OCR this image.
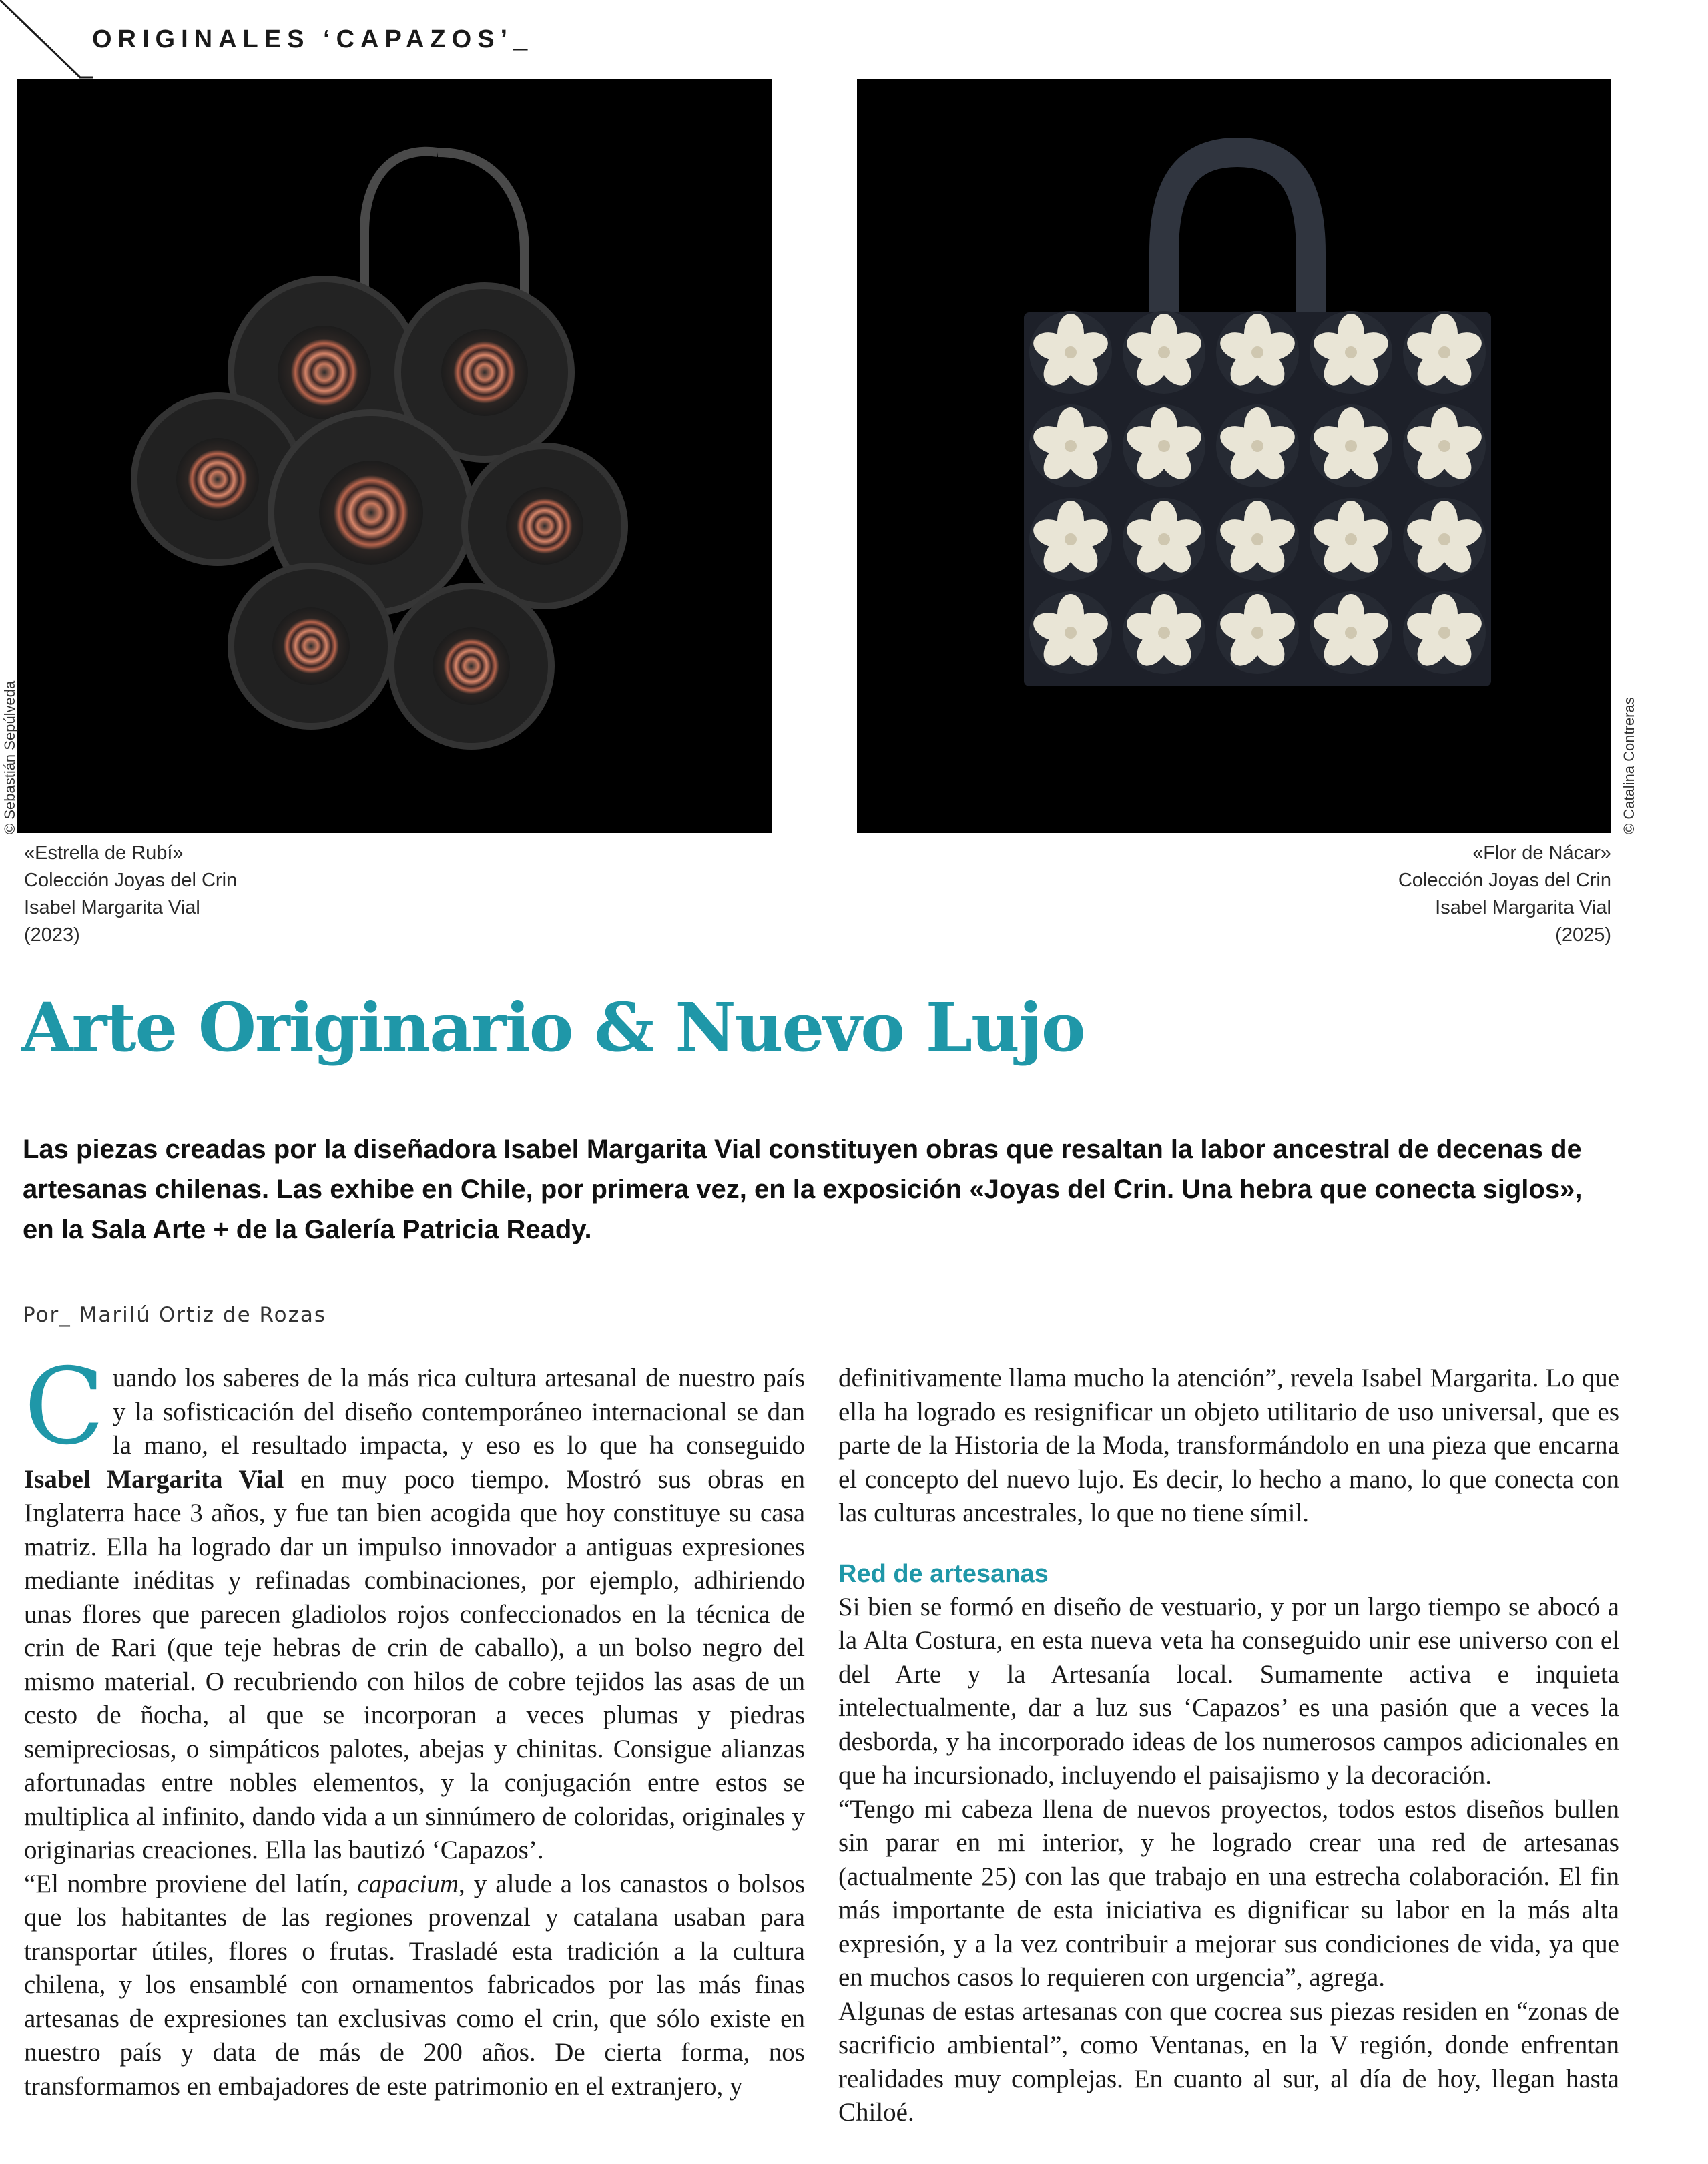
ORIGINALES ‘CAPAZOS’_
© Sebastián Sepúlveda	© Catalina Contreras
«Estrella de Rubí»
Colección Joyas del Crin
Isabel Margarita Vial
(2023)
«Flor de Nácar»
Colección Joyas del Crin
Isabel Margarita Vial
(2025)
Arte Originario & Nuevo Lujo
Las piezas creadas por la diseñadora Isabel Margarita Vial constituyen obras que resaltan la labor ancestral de decenas de artesanas chilenas. Las exhibe en Chile, por primera vez, en la exposición «Joyas del Crin. Una hebra que conecta siglos», en la Sala Arte + de la Galería Patricia Ready.
Por_ Marilú Ortiz de Rozas

Cuando los saberes de la más rica cultura artesanal de nuestro país y la sofisticación del diseño contemporáneo internacional se dan la mano, el resultado impacta, y eso es lo que ha conseguido Isabel Margarita Vial en muy poco tiempo. Mostró sus obras en Inglaterra hace 3 años, y fue tan bien acogida que hoy constituye su casa matriz. Ella ha logrado dar un impulso innovador a antiguas expresiones mediante inéditas y refinadas combinaciones, por ejemplo, adhiriendo unas flores que parecen gladiolos rojos confeccionados en la técnica de crin de Rari (que teje hebras de crin de caballo), a un bolso negro del mismo material. O recubriendo con hilos de cobre tejidos las asas de un cesto de ñocha, al que se incorporan a veces plumas y piedras semipreciosas, o simpáticos palotes, abejas y chinitas. Consigue alianzas afortunadas entre nobles elementos, y la conjugación entre estos se multiplica al infinito, dando vida a un sinnúmero de coloridas, originales y originarias creaciones. Ella las bautizó ‘Capazos’.

“El nombre proviene del latín, capacium, y alude a los canastos o bolsos que los habitantes de las regiones provenzal y catalana usaban para transportar útiles, flores o frutas. Trasladé esta tradición a la cultura chilena, y los ensamblé con ornamentos fabricados por las más finas artesanas de expresiones tan exclusivas como el crin, que sólo existe en nuestro país y data de más de 200 años. De cierta forma, nos transformamos en embajadores de este patrimonio en el extranjero, y

definitivamente llama mucho la atención”, revela Isabel Margarita. Lo que ella ha logrado es resignificar un objeto utilitario de uso universal, que es parte de la Historia de la Moda, transformándolo en una pieza que encarna el concepto del nuevo lujo. Es decir, lo hecho a mano, lo que conecta con las culturas ancestrales, lo que no tiene símil.

Red de artesanas

Si bien se formó en diseño de vestuario, y por un largo tiempo se abocó a la Alta Costura, en esta nueva veta ha conseguido unir ese universo con el del Arte y la Artesanía local. Sumamente activa e inquieta intelectualmente, dar a luz sus ‘Capazos’ es una pasión que a veces la desborda, y ha incorporado ideas de los numerosos campos adicionales en que ha incursionado, incluyendo el paisajismo y la decoración.

“Tengo mi cabeza llena de nuevos proyectos, todos estos diseños bullen sin parar en mi interior, y he logrado crear una red de artesanas (actualmente 25) con las que trabajo en una estrecha colaboración. El fin más importante de esta iniciativa es dignificar su labor en la más alta expresión, y a la vez contribuir a mejorar sus condiciones de vida, ya que en muchos casos lo requieren con urgencia”, agrega.

Algunas de estas artesanas con que cocrea sus piezas residen en “zonas de sacrificio ambiental”, como Ventanas, en la V región, donde enfrentan realidades muy complejas. En cuanto al sur, al día de hoy, llegan hasta Chiloé.
